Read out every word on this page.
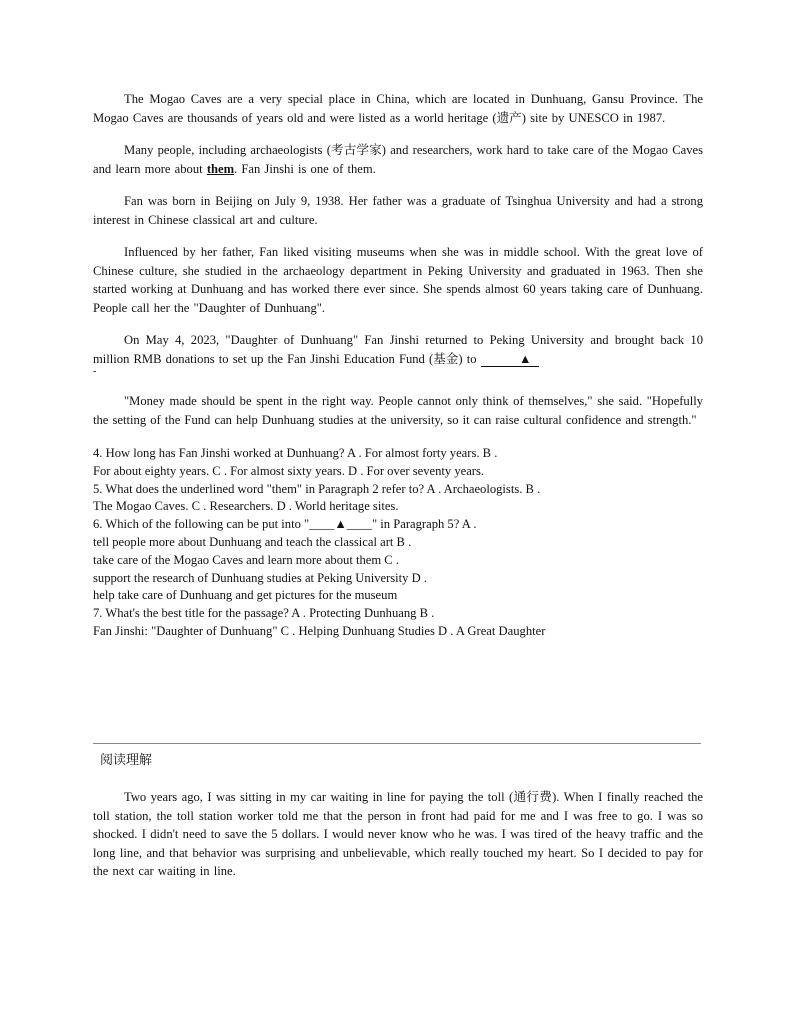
The Mogao Caves are a very special place in China, which are located in Dunhuang, Gansu Province. The Mogao Caves are thousands of years old and were listed as a world heritage (遗产) site by UNESCO in 1987.

Many people, including archaeologists (考古学家) and researchers, work hard to take care of the Mogao Caves and learn more about them. Fan Jinshi is one of them.

Fan was born in Beijing on July 9, 1938. Her father was a graduate of Tsinghua University and had a strong interest in Chinese classical art and culture.

Influenced by her father, Fan liked visiting museums when she was in middle school. With the great love of Chinese culture, she studied in the archaeology department in Peking University and graduated in 1963. Then she started working at Dunhuang and has worked there ever since. She spends almost 60 years taking care of Dunhuang. People call her the "Daughter of Dunhuang".

On May 4, 2023, "Daughter of Dunhuang" Fan Jinshi returned to Peking University and brought back 10 million RMB donations to set up the Fan Jinshi Education Fund (基金) to	▲
-

"Money made should be spent in the right way. People cannot only think of themselves," she said. "Hopefully the setting of the Fund can help Dunhuang studies at the university, so it can raise cultural confidence and strength."

4. How long has Fan Jinshi worked at Dunhuang? A . For almost forty years. B .
For about eighty years. C . For almost sixty years. D . For over seventy years.
5. What does the underlined word "them" in Paragraph 2 refer to? A . Archaeologists. B .
The Mogao Caves. C . Researchers. D . World heritage sites.
6. Which of the following can be put into "____▲____" in Paragraph 5? A .
tell people more about Dunhuang and teach the classical art B .
take care of the Mogao Caves and learn more about them C .
support the research of Dunhuang studies at Peking University D .
help take care of Dunhuang and get pictures for the museum
7. What's the best title for the passage? A . Protecting Dunhuang B .
Fan Jinshi: "Daughter of Dunhuang" C . Helping Dunhuang Studies D . A Great Daughter
阅读理解

Two years ago, I was sitting in my car waiting in line for paying the toll (通行费). When I finally reached the toll station, the toll station worker told me that the person in front had paid for me and I was free to go. I was so shocked. I didn't need to save the 5 dollars. I would never know who he was. I was tired of the heavy traffic and the long line, and that behavior was surprising and unbelievable, which really touched my heart. So I decided to pay for the next car waiting in line.
